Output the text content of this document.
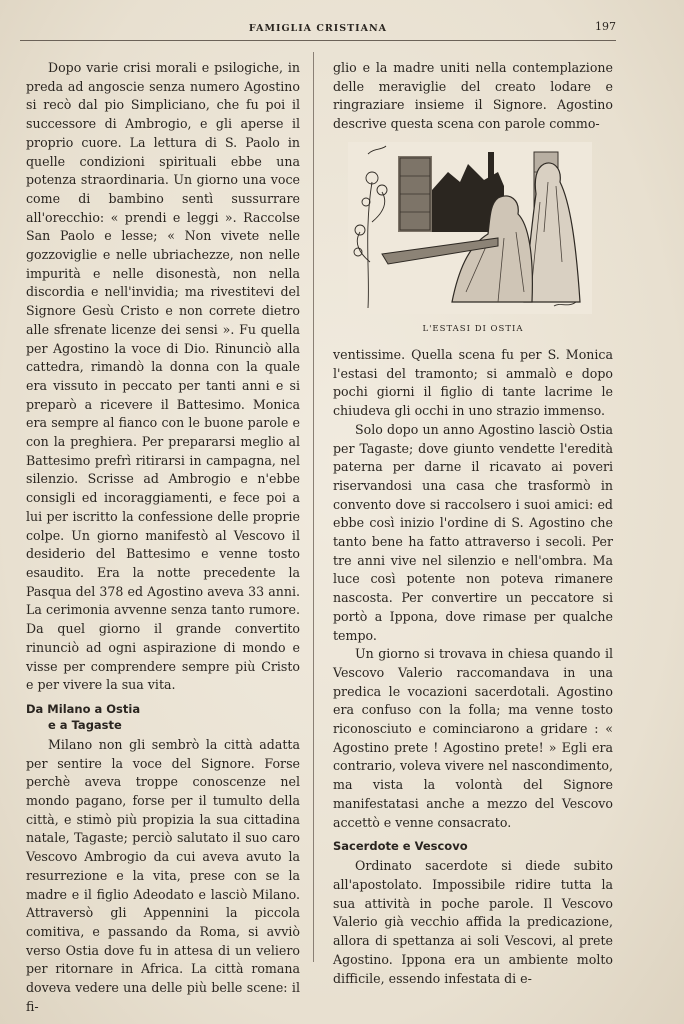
FAMIGLIA CRISTIANA	197

Dopo varie crisi morali e psilogiche, in preda ad angoscie senza numero Agostino si recò dal pio Simpliciano, che fu poi il successore di Ambrogio, e gli aperse il proprio cuore. La lettura di S. Paolo in quelle condizioni spirituali ebbe una potenza straordinaria. Un giorno una voce come di bambino sentì sussurrare all'orecchio: « prendi e leggi ». Raccolse San Paolo e lesse; « Non vivete nelle gozzoviglie e nelle ubriachezze, non nelle impurità e nelle disonestà, non nella discordia e nell'invidia; ma rivestitevi del Signore Gesù Cristo e non correte dietro alle sfrenate licenze dei sensi ». Fu quella per Agostino la voce di Dio. Rinunciò alla cattedra, rimandò la donna con la quale era vissuto in peccato per tanti anni e si preparò a ricevere il Battesimo. Monica era sempre al fianco con le buone parole e con la preghiera. Per prepararsi meglio al Battesimo prefrì ritirarsi in campagna, nel silenzio. Scrisse ad Ambrogio e n'ebbe consigli ed incoraggiamenti, e fece poi a lui per iscritto la confessione delle proprie colpe. Un giorno manifestò al Vescovo il desiderio del Battesimo e venne tosto esaudito. Era la notte precedente la Pasqua del 378 ed Agostino aveva 33 anni. La cerimonia avvenne senza tanto rumore. Da quel giorno il grande convertito rinunciò ad ogni aspirazione di mondo e visse per comprendere sempre più Cristo e per vivere la sua vita.

Da Milano a Ostia
e a Tagaste

Milano non gli sembrò la città adatta per sentire la voce del Signore. Forse perchè aveva troppe conoscenze nel mondo pagano, forse per il tumulto della città, e stimò più propizia la sua cittadina natale, Tagaste; perciò salutato il suo caro Vescovo Ambrogio da cui aveva avuto la resurrezione e la vita, prese con se la madre e il figlio Adeodato e lasciò Milano. Attraversò gli Appennini la piccola comitiva, e passando da Roma, si avviò verso Ostia dove fu in attesa di un veliero per ritornare in Africa. La città romana doveva vedere una delle più belle scene: il fi-

glio e la madre uniti nella contemplazione delle meraviglie del creato lodare e ringraziare insieme il Signore. Agostino descrive questa scena con parole commo-

L'ESTASI DI OSTIA

ventissime. Quella scena fu per S. Monica l'estasi del tramonto; si ammalò e dopo pochi giorni il figlio di tante lacrime le chiudeva gli occhi in uno strazio immenso.

Solo dopo un anno Agostino lasciò Ostia per Tagaste; dove giunto vendette l'eredità paterna per darne il ricavato ai poveri riservandosi una casa che trasformò in convento dove si raccolsero i suoi amici: ed ebbe così inizio l'ordine di S. Agostino che tanto bene ha fatto attraverso i secoli. Per tre anni vive nel silenzio e nell'ombra. Ma luce così potente non poteva rimanere nascosta. Per convertire un peccatore si portò a Ippona, dove rimase per qualche tempo.

Un giorno si trovava in chiesa quando il Vescovo Valerio raccomandava in una predica le vocazioni sacerdotali. Agostino era confuso con la folla; ma venne tosto riconosciuto e cominciarono a gridare : « Agostino prete ! Agostino prete! » Egli era contrario, voleva vivere nel nascondimento, ma vista la volontà del Signore manifestatasi anche a mezzo del Vescovo accettò e venne consacrato.

Sacerdote e Vescovo

Ordinato sacerdote si diede subito all'apostolato. Impossibile ridire tutta la sua attività in poche parole. Il Vescovo Valerio già vecchio affida la predicazione, allora di spettanza ai soli Vescovi, al prete Agostino. Ippona era un ambiente molto difficile, essendo infestata di e-
